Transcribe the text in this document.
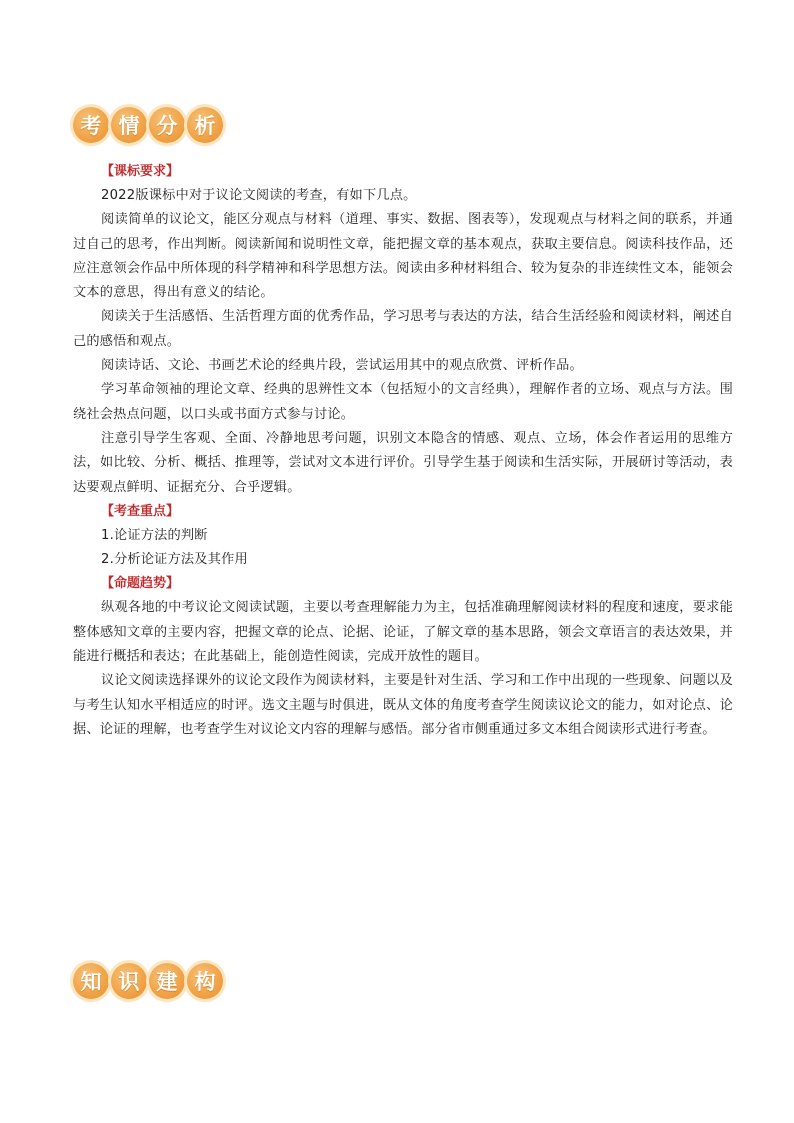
考 情 分 析
【课标要求】

2022版课标中对于议论文阅读的考查，有如下几点。

阅读简单的议论文，能区分观点与材料（道理、事实、数据、图表等），发现观点与材料之间的联系，并通过自己的思考，作出判断。阅读新闻和说明性文章，能把握文章的基本观点，获取主要信息。阅读科技作品，还应注意领会作品中所体现的科学精神和科学思想方法。阅读由多种材料组合、较为复杂的非连续性文本，能领会文本的意思，得出有意义的结论。

阅读关于生活感悟、生活哲理方面的优秀作品，学习思考与表达的方法，结合生活经验和阅读材料，阐述自己的感悟和观点。

阅读诗话、文论、书画艺术论的经典片段，尝试运用其中的观点欣赏、评析作品。

学习革命领袖的理论文章、经典的思辨性文本（包括短小的文言经典），理解作者的立场、观点与方法。围绕社会热点问题，以口头或书面方式参与讨论。

注意引导学生客观、全面、冷静地思考问题，识别文本隐含的情感、观点、立场，体会作者运用的思维方法，如比较、分析、概括、推理等，尝试对文本进行评价。引导学生基于阅读和生活实际，开展研讨等活动，表达要观点鲜明、证据充分、合乎逻辑。

【考查重点】

1.论证方法的判断

2.分析论证方法及其作用

【命题趋势】

纵观各地的中考议论文阅读试题，主要以考查理解能力为主，包括准确理解阅读材料的程度和速度，要求能整体感知文章的主要内容，把握文章的论点、论据、论证，了解文章的基本思路，领会文章语言的表达效果，并能进行概括和表达；在此基础上，能创造性阅读，完成开放性的题目。

议论文阅读选择课外的议论文段作为阅读材料，主要是针对生活、学习和工作中出现的一些现象、问题以及与考生认知水平相适应的时评。选文主题与时俱进，既从文体的角度考查学生阅读议论文的能力，如对论点、论据、论证的理解，也考查学生对议论文内容的理解与感悟。部分省市侧重通过多文本组合阅读形式进行考查。

知 识 建 构
